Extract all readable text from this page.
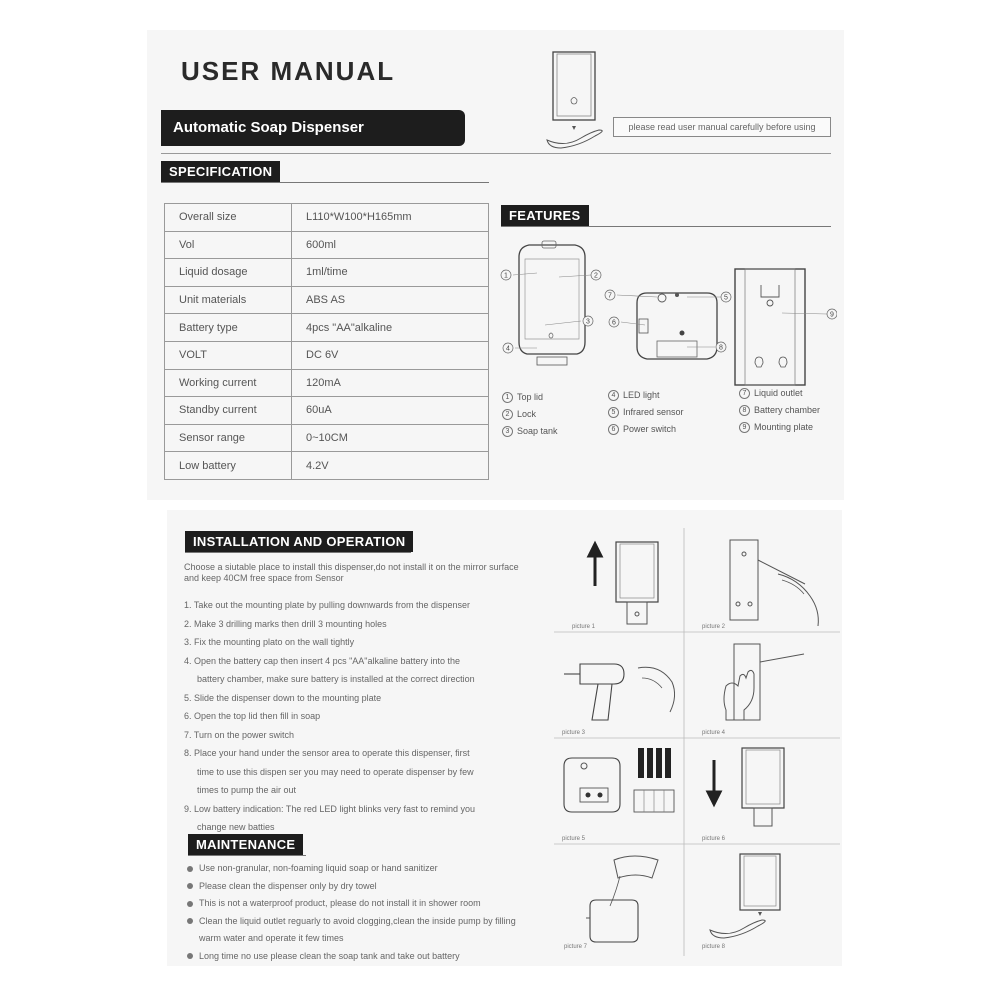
USER MANUAL
Automatic Soap Dispenser
SPECIFICATION
Overall size	L110*W100*H165mm
Vol	600ml
Liquid dosage	1ml/time
Unit materials	ABS AS
Battery type	4pcs "AA"alkaline
VOLT	DC 6V
Working current	120mA
Standby current	60uA
Sensor range	0~10CM
Low battery	4.2V
please read user manual carefully before using
FEATURES
1	2
3
4
5
6
7
8
9
1 Top lid
2 Lock
3 Soap tank
4 LED light
5 Infrared sensor
6 Power switch
7 Liquid outlet
8 Battery chamber
9 Mounting plate
INSTALLATION AND OPERATION
Choose a siutable place to install this dispenser,do not install it on the mirror surface and keep 40CM free space from Sensor
1. Take out the mounting plate by pulling downwards from the dispenser
2. Make 3 drilling marks then drill 3 mounting holes
3. Fix the mounting plato on the wall tightly
4. Open the battery cap then insert 4 pcs "AA"alkaline battery into the
battery chamber, make sure battery is installed at the correct direction
5. Slide the dispenser down to the mounting plate
6. Open the top lid then fill in soap
7. Turn on the power switch
8. Place your hand under the sensor area to operate this dispenser, first
time to use this dispen ser you may need to operate dispenser by few
times to pump the air out
9. Low battery indication: The red LED light blinks very fast to remind you
change new batties
MAINTENANCE
Use non-granular, non-foaming liquid soap or hand sanitizer
Please clean the dispenser only by dry towel
This is not a waterproof product, please do not install it in shower room
Clean the liquid outlet reguarly to avoid clogging,clean the inside pump by filling
warm water and operate it few times
Long time no use please clean the soap tank and take out battery
picture 1	picture 2
picture 3	picture 4
picture 5	picture 6
picture 7	picture 8
